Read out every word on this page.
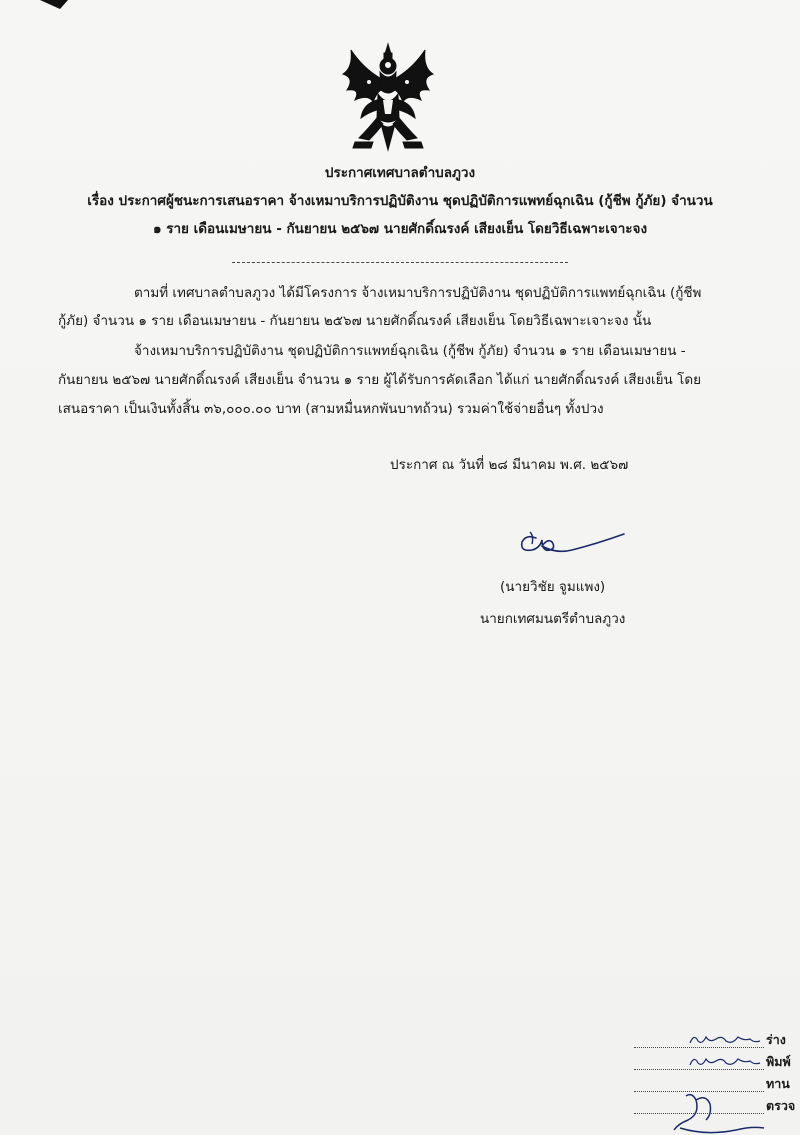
ประกาศเทศบาลตำบลภูวง
เรื่อง ประกาศผู้ชนะการเสนอราคา จ้างเหมาบริการปฏิบัติงาน ชุดปฏิบัติการแพทย์ฉุกเฉิน (กู้ชีพ กู้ภัย) จำนวน
๑ ราย เดือนเมษายน - กันยายน ๒๕๖๗ นายศักดิ์ณรงค์ เสียงเย็น โดยวิธีเฉพาะเจาะจง
ตามที่ เทศบาลตำบลภูวง ได้มีโครงการ จ้างเหมาบริการปฏิบัติงาน ชุดปฏิบัติการแพทย์ฉุกเฉิน (กู้ชีพ
กู้ภัย) จำนวน ๑ ราย เดือนเมษายน - กันยายน ๒๕๖๗ นายศักดิ์ณรงค์ เสียงเย็น โดยวิธีเฉพาะเจาะจง นั้น
จ้างเหมาบริการปฏิบัติงาน ชุดปฏิบัติการแพทย์ฉุกเฉิน (กู้ชีพ กู้ภัย) จำนวน ๑ ราย เดือนเมษายน -
กันยายน ๒๕๖๗ นายศักดิ์ณรงค์ เสียงเย็น จำนวน ๑ ราย ผู้ได้รับการคัดเลือก ได้แก่ นายศักดิ์ณรงค์ เสียงเย็น โดย
เสนอราคา เป็นเงินทั้งสิ้น ๓๖,๐๐๐.๐๐ บาท (สามหมื่นหกพันบาทถ้วน) รวมค่าใช้จ่ายอื่นๆ ทั้งปวง
ประกาศ ณ วันที่ ๒๘ มีนาคม พ.ศ. ๒๕๖๗
(นายวิชัย จูมแพง)
นายกเทศมนตรีตำบลภูวง
ร่าง
พิมพ์
ทาน
ตรวจ
